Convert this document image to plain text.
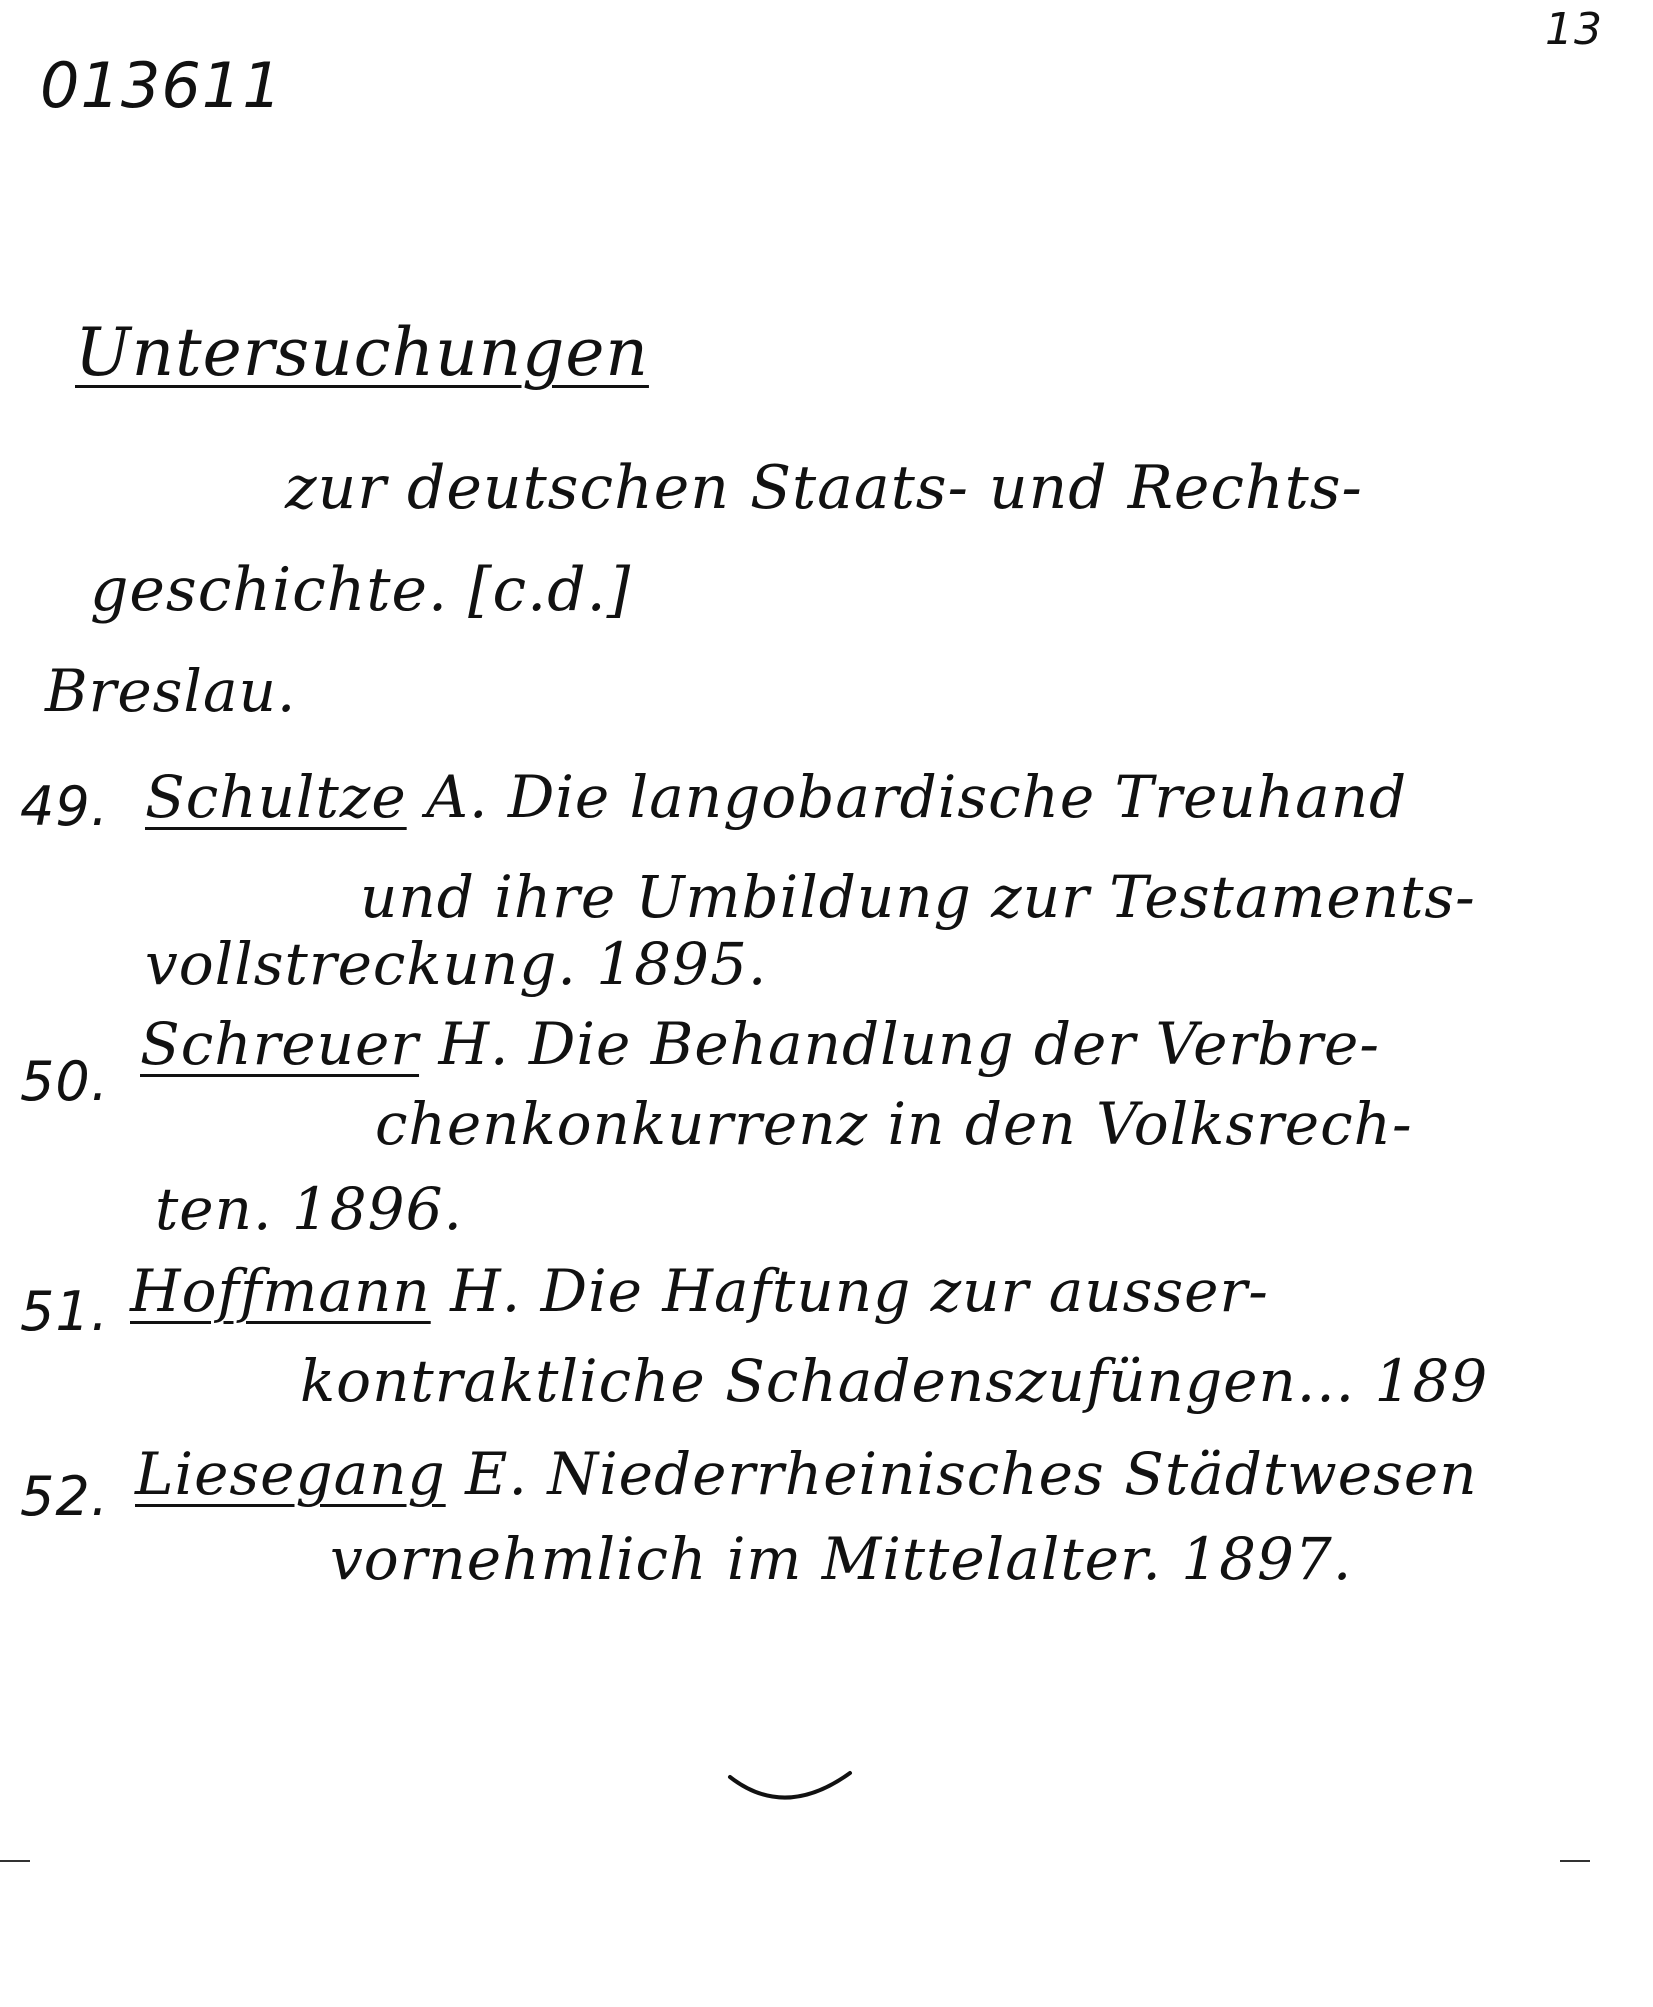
013611
13
Untersuchungen
zur deutschen Staats- und Rechts-
geschichte. [c.d.]
Breslau.
49. Schultze A. Die langobardische Treuhand
und ihre Umbildung zur Testaments-
vollstreckung. 1895.
50.
Schreuer H. Die Behandlung der Verbre-
chenkonkurrenz in den Volksrech-
ten. 1896.
51. Hoffmann H. Die Haftung zur ausser-
kontraktliche Schadenszufüngen... 189
52. Liesegang E. Niederrheinisches Städtwesen
vornehmlich im Mittelalter. 1897.
